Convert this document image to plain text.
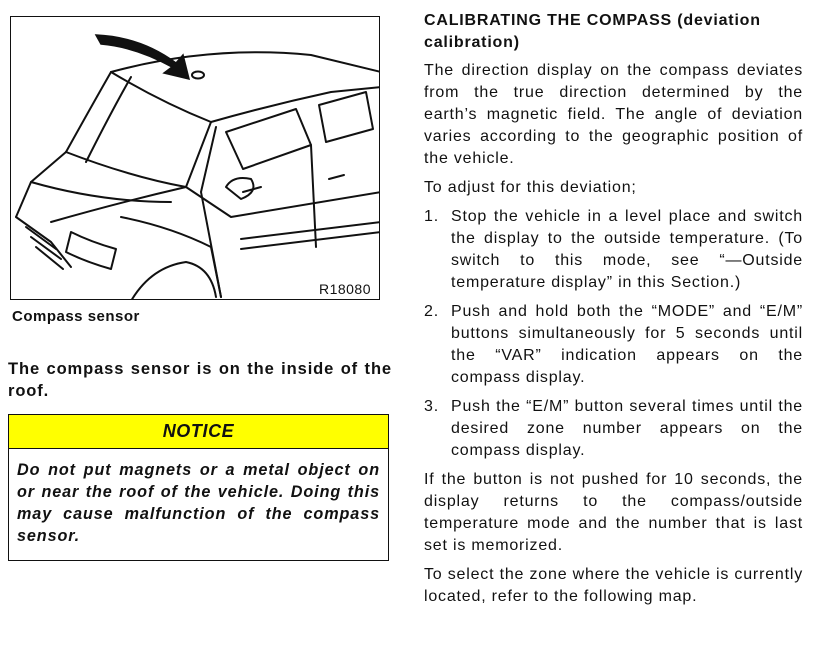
R18080
Compass sensor
The compass sensor is on the inside of the roof.
NOTICE
Do not put magnets or a metal object on or near the roof of the vehicle. Doing this may cause malfunction of the compass sensor.
CALIBRATING THE COMPASS (deviation calibration)

The direction display on the compass deviates from the true direction determined by the earth’s magnetic field. The angle of deviation varies according to the geographic position of the vehicle.

To adjust for this deviation;

1. Stop the vehicle in a level place and switch the display to the outside temperature. (To switch to this mode, see “—Outside temperature display” in this Section.)
2. Push and hold both the “MODE” and “E/M” buttons simultaneously for 5 seconds until the “VAR” indication appears on the compass display.
3. Push the “E/M” button several times until the desired zone number appears on the compass display.

If the button is not pushed for 10 seconds, the display returns to the compass/outside temperature mode and the number that is last set is memorized.

To select the zone where the vehicle is currently located, refer to the following map.
